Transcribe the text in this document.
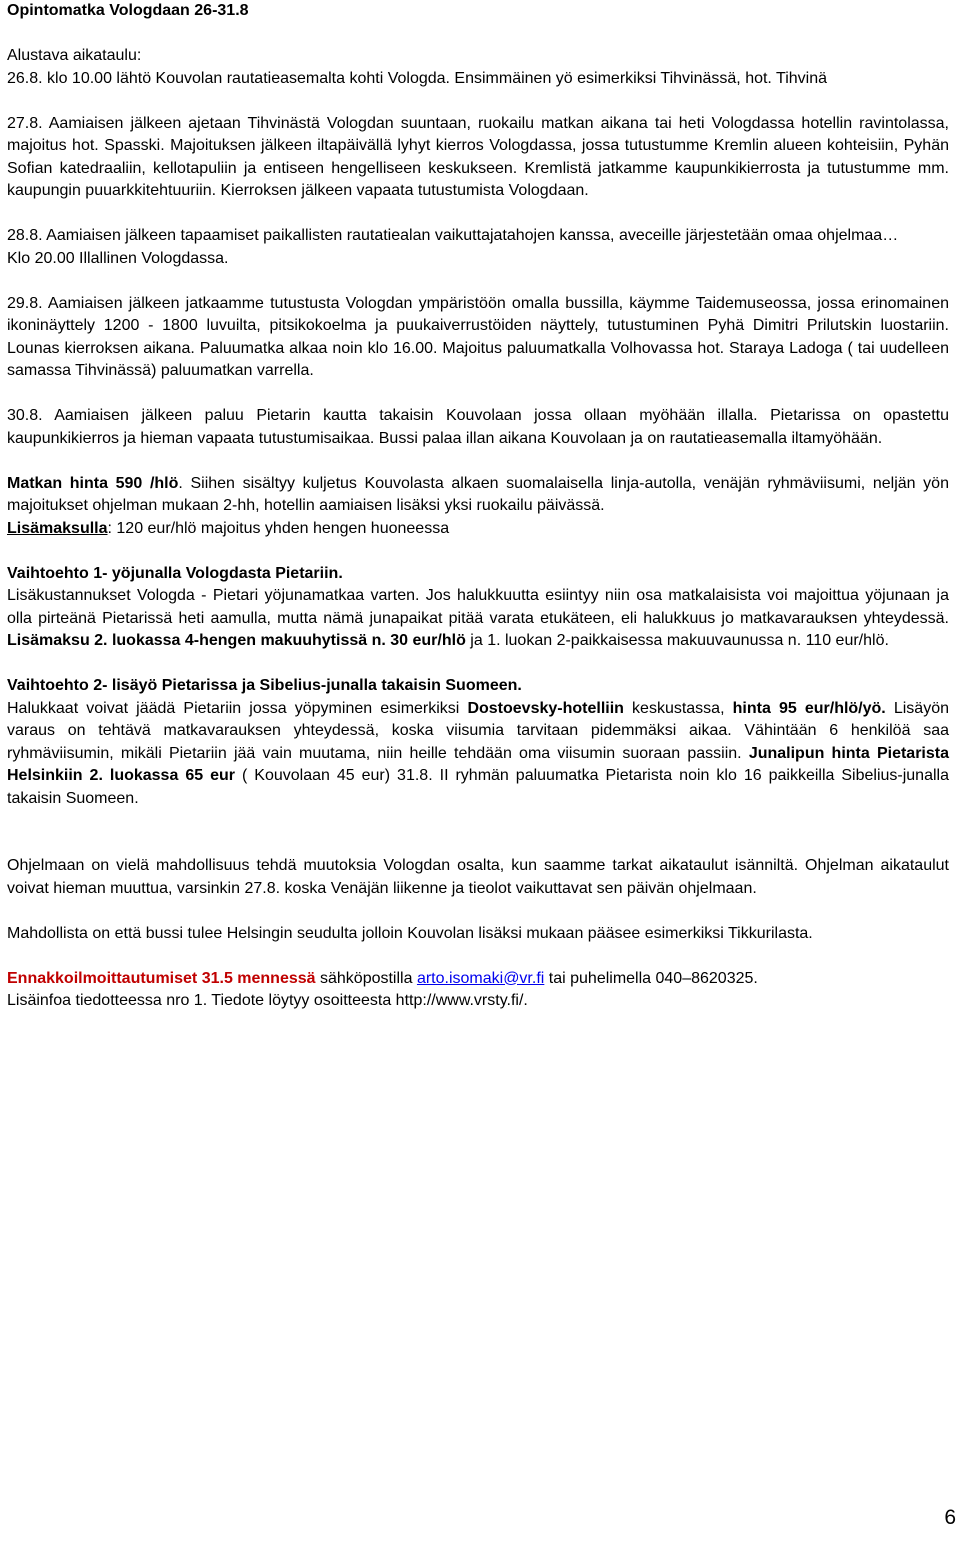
Opintomatka Vologdaan 26-31.8

Alustava aikataulu:

26.8. klo 10.00 lähtö Kouvolan rautatieasemalta kohti Vologda. Ensimmäinen yö esimerkiksi Tihvinässä, hot. Tihvinä

27.8. Aamiaisen jälkeen ajetaan Tihvinästä Vologdan suuntaan, ruokailu matkan aikana tai heti Vologdassa hotellin ravintolassa, majoitus hot. Spasski. Majoituksen jälkeen iltapäivällä lyhyt kierros Vologdassa, jossa tutustumme Kremlin alueen kohteisiin, Pyhän Sofian katedraaliin, kellotapuliin ja entiseen hengelliseen keskukseen. Kremlistä jatkamme kaupunkikierrosta ja tutustumme mm. kaupungin puuarkkitehtuuriin. Kierroksen jälkeen vapaata tutustumista Vologdaan.

28.8. Aamiaisen jälkeen tapaamiset paikallisten rautatiealan vaikuttajatahojen kanssa, aveceille järjestetään omaa ohjelmaa…

Klo 20.00 Illallinen Vologdassa.

29.8. Aamiaisen jälkeen jatkaamme tutustusta Vologdan ympäristöön omalla bussilla, käymme Taidemuseossa, jossa erinomainen ikoninäyttely 1200 - 1800 luvuilta, pitsikokoelma ja puukaiverrustöiden näyttely, tutustuminen Pyhä Dimitri Prilutskin luostariin. Lounas kierroksen aikana. Paluumatka alkaa noin klo 16.00. Majoitus paluumatkalla Volhovassa hot. Staraya Ladoga ( tai uudelleen samassa Tihvinässä) paluumatkan varrella.

30.8. Aamiaisen jälkeen paluu Pietarin kautta takaisin Kouvolaan jossa ollaan myöhään illalla. Pietarissa on opastettu kaupunkikierros ja hieman vapaata tutustumisaikaa. Bussi palaa illan aikana Kouvolaan ja on rautatieasemalla iltamyöhään.

Matkan hinta 590 /hlö. Siihen sisältyy kuljetus Kouvolasta alkaen suomalaisella linja-autolla, venäjän ryhmäviisumi, neljän yön majoitukset ohjelman mukaan 2-hh, hotellin aamiaisen lisäksi yksi ruokailu päivässä.

Lisämaksulla: 120 eur/hlö majoitus yhden hengen huoneessa

Vaihtoehto 1- yöjunalla Vologdasta Pietariin.

Lisäkustannukset Vologda - Pietari yöjunamatkaa varten. Jos halukkuutta esiintyy niin osa matkalaisista voi majoittua yöjunaan ja olla pirteänä Pietarissä heti aamulla, mutta nämä junapaikat pitää varata etukäteen, eli halukkuus jo matkavarauksen yhteydessä. Lisämaksu 2. luokassa 4-hengen makuuhytissä n. 30 eur/hlö ja 1. luokan 2-paikkaisessa makuuvaunussa n. 110 eur/hlö.

Vaihtoehto 2- lisäyö Pietarissa ja Sibelius-junalla takaisin Suomeen.

Halukkaat voivat jäädä Pietariin jossa yöpyminen esimerkiksi Dostoevsky-hotelliin keskustassa, hinta 95 eur/hlö/yö. Lisäyön varaus on tehtävä matkavarauksen yhteydessä, koska viisumia tarvitaan pidemmäksi aikaa. Vähintään 6 henkilöä saa ryhmäviisumin, mikäli Pietariin jää vain muutama, niin heille tehdään oma viisumin suoraan passiin. Junalipun hinta Pietarista Helsinkiin 2. luokassa 65 eur ( Kouvolaan 45 eur) 31.8. II ryhmän paluumatka Pietarista noin klo 16 paikkeilla Sibelius-junalla takaisin Suomeen.

Ohjelmaan on vielä mahdollisuus tehdä muutoksia Vologdan osalta, kun saamme tarkat aikataulut isänniltä. Ohjelman aikataulut voivat hieman muuttua, varsinkin 27.8. koska Venäjän liikenne ja tieolot vaikuttavat sen päivän ohjelmaan.

Mahdollista on että bussi tulee Helsingin seudulta jolloin Kouvolan lisäksi mukaan pääsee esimerkiksi Tikkurilasta.

Ennakkoilmoittautumiset 31.5 mennessä sähköpostilla arto.isomaki@vr.fi tai puhelimella 040–8620325.

Lisäinfoa tiedotteessa nro 1. Tiedote löytyy osoitteesta http://www.vrsty.fi/.

6
